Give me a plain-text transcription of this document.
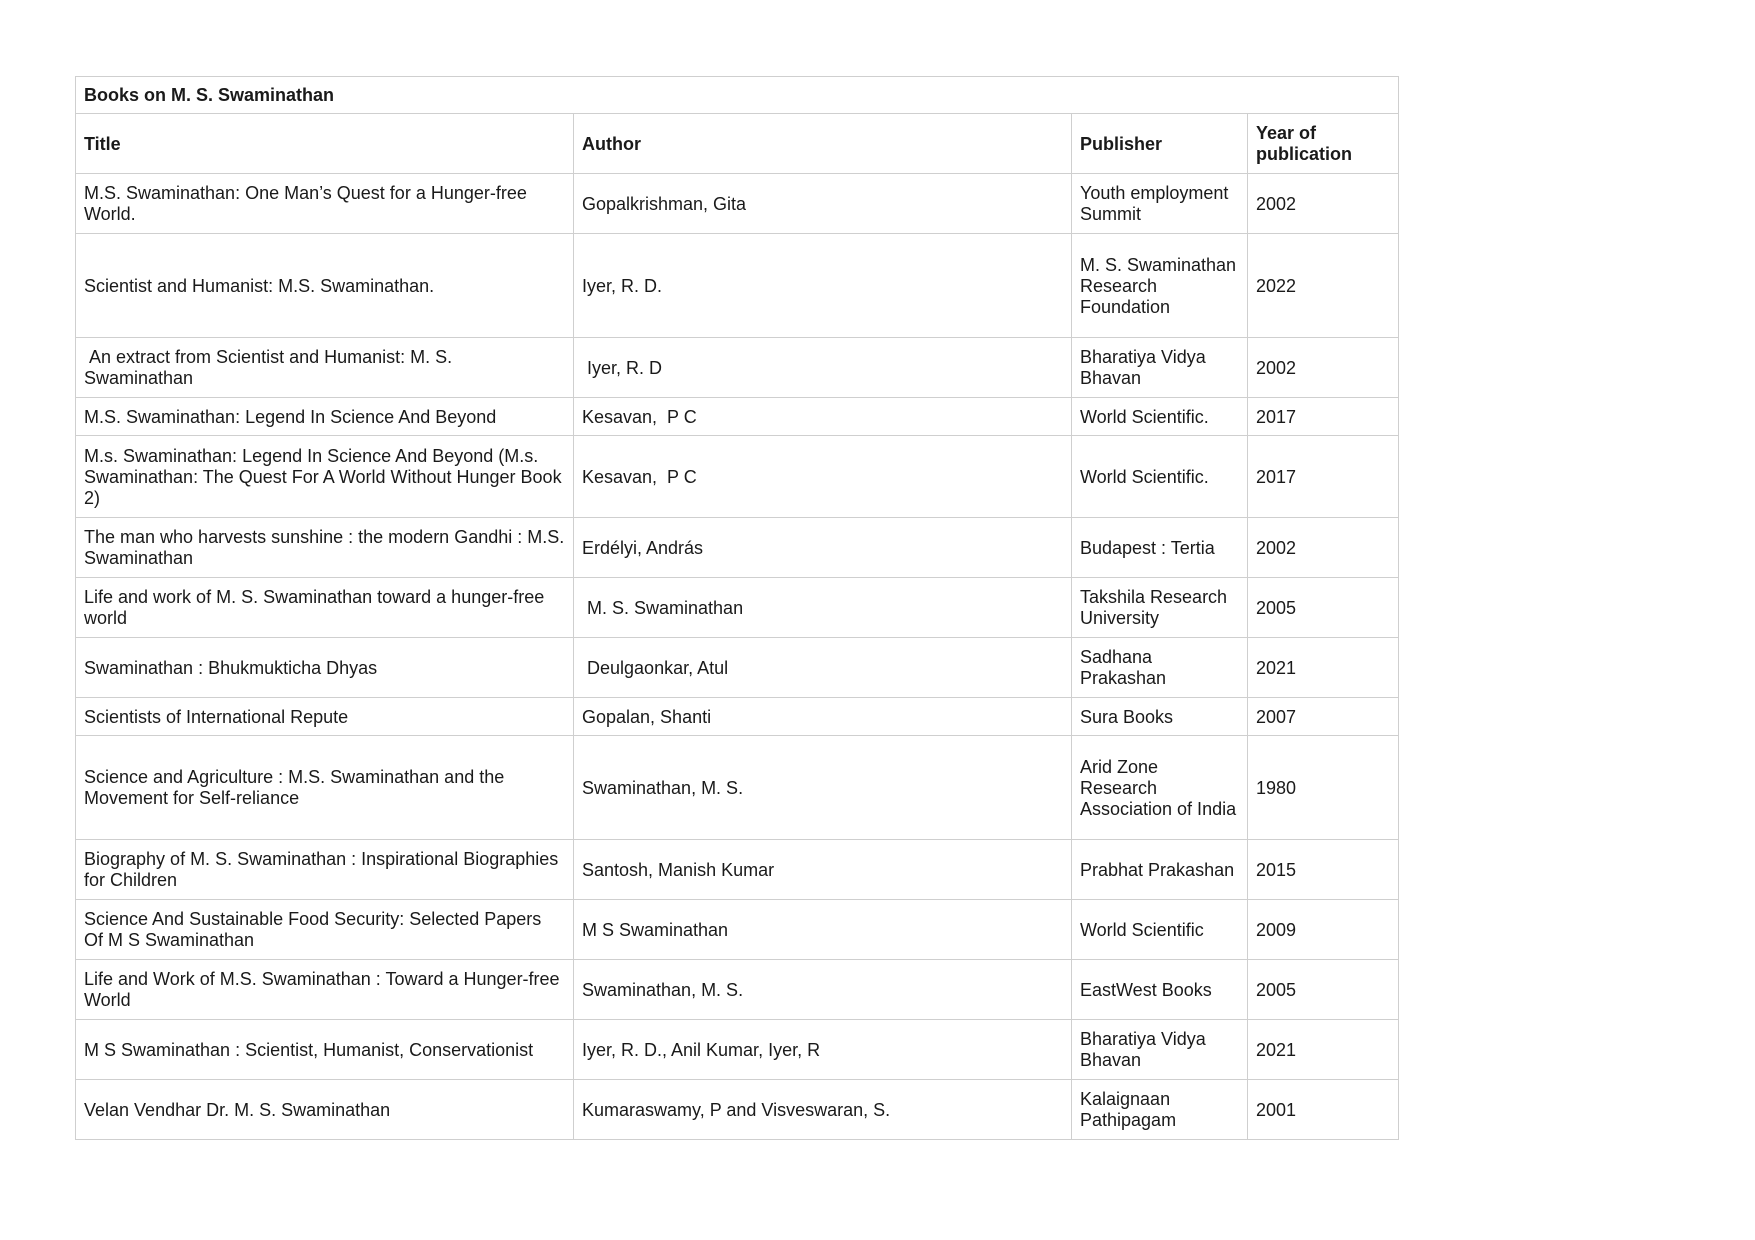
Books on M. S. Swaminathan			
Title	Author	Publisher	Year of publication
M.S. Swaminathan: One Man’s Quest for a Hunger-free World.	Gopalkrishman, Gita	Youth employment Summit	2002
Scientist and Humanist: M.S. Swaminathan.	Iyer, R. D.	M. S. Swaminathan Research Foundation	2022
An extract from Scientist and Humanist: M. S. Swaminathan	Iyer, R. D	Bharatiya Vidya Bhavan	2002
M.S. Swaminathan: Legend In Science And Beyond	Kesavan,  P C	World Scientific.	2017
M.s. Swaminathan: Legend In Science And Beyond (M.s. Swaminathan: The Quest For A World Without Hunger Book 2)	Kesavan,  P C	World Scientific.	2017
The man who harvests sunshine : the modern Gandhi : M.S. Swaminathan	Erdélyi, András	Budapest : Tertia	2002
Life and work of M. S. Swaminathan toward a hunger-free world	M. S. Swaminathan	Takshila Research University	2005
Swaminathan : Bhukmukticha Dhyas	Deulgaonkar, Atul	Sadhana Prakashan	2021
Scientists of International Repute	Gopalan, Shanti	Sura Books	2007
Science and Agriculture : M.S. Swaminathan and the Movement for Self-reliance	Swaminathan, M. S.	Arid Zone Research Association of India	1980
Biography of M. S. Swaminathan : Inspirational Biographies for Children	Santosh, Manish Kumar	Prabhat Prakashan	2015
Science And Sustainable Food Security: Selected Papers Of M S Swaminathan	M S Swaminathan	World Scientific	2009
Life and Work of M.S. Swaminathan : Toward a Hunger-free World	Swaminathan, M. S.	EastWest Books	2005
M S Swaminathan : Scientist, Humanist, Conservationist	Iyer, R. D., Anil Kumar, Iyer, R	Bharatiya Vidya Bhavan	2021
Velan Vendhar Dr. M. S. Swaminathan	Kumaraswamy, P and Visveswaran, S.	Kalaignaan Pathipagam	2001
